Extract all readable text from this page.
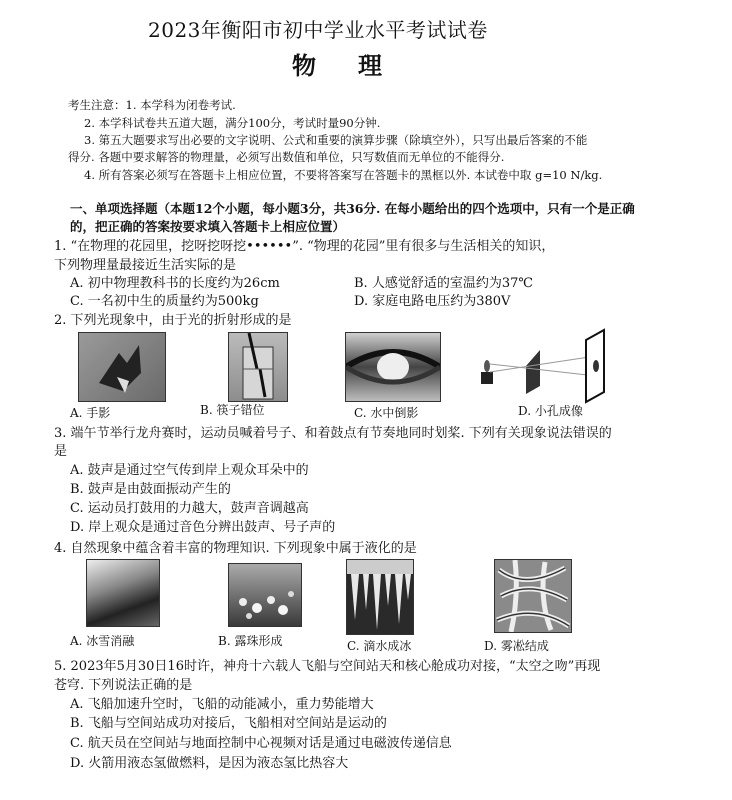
2023年衡阳市初中学业水平考试试卷
物理
考生注意：1. 本学科为闭卷考试.
2. 本学科试卷共五道大题，满分100分，考试时量90分钟.
3. 第五大题要求写出必要的文字说明、公式和重要的演算步骤（除填空外），只写出最后答案的不能
得分. 各题中要求解答的物理量，必须写出数值和单位，只写数值而无单位的不能得分.
4. 所有答案必须写在答题卡上相应位置，不要将答案写在答题卡的黑框以外. 本试卷中取 g=10 N/kg.
一、单项选择题（本题12个小题，每小题3分，共36分. 在每小题给出的四个选项中，只有一个是正确
的，把正确的答案按要求填入答题卡上相应位置）
1. “在物理的花园里，挖呀挖呀挖••••••”. “物理的花园”里有很多与生活相关的知识，
下列物理量最接近生活实际的是
A. 初中物理教科书的长度约为26cm	B. 人感觉舒适的室温约为37℃
C. 一名初中生的质量约为500kg	D. 家庭电路电压约为380V
2. 下列光现象中，由于光的折射形成的是
A. 手影	B. 筷子错位	C. 水中倒影	D. 小孔成像
3. 端午节举行龙舟赛时，运动员喊着号子、和着鼓点有节奏地同时划桨. 下列有关现象说法错误的
是
A. 鼓声是通过空气传到岸上观众耳朵中的
B. 鼓声是由鼓面振动产生的
C. 运动员打鼓用的力越大，鼓声音调越高
D. 岸上观众是通过音色分辨出鼓声、号子声的
4. 自然现象中蕴含着丰富的物理知识. 下列现象中属于液化的是
A. 冰雪消融	B. 露珠形成	C. 滴水成冰	D. 雾凇结成
5. 2023年5月30日16时许，神舟十六载人飞船与空间站天和核心舱成功对接，“太空之吻”再现
苍穹. 下列说法正确的是
A. 飞船加速升空时，飞船的动能减小，重力势能增大
B. 飞船与空间站成功对接后，飞船相对空间站是运动的
C. 航天员在空间站与地面控制中心视频对话是通过电磁波传递信息
D. 火箭用液态氢做燃料，是因为液态氢比热容大
